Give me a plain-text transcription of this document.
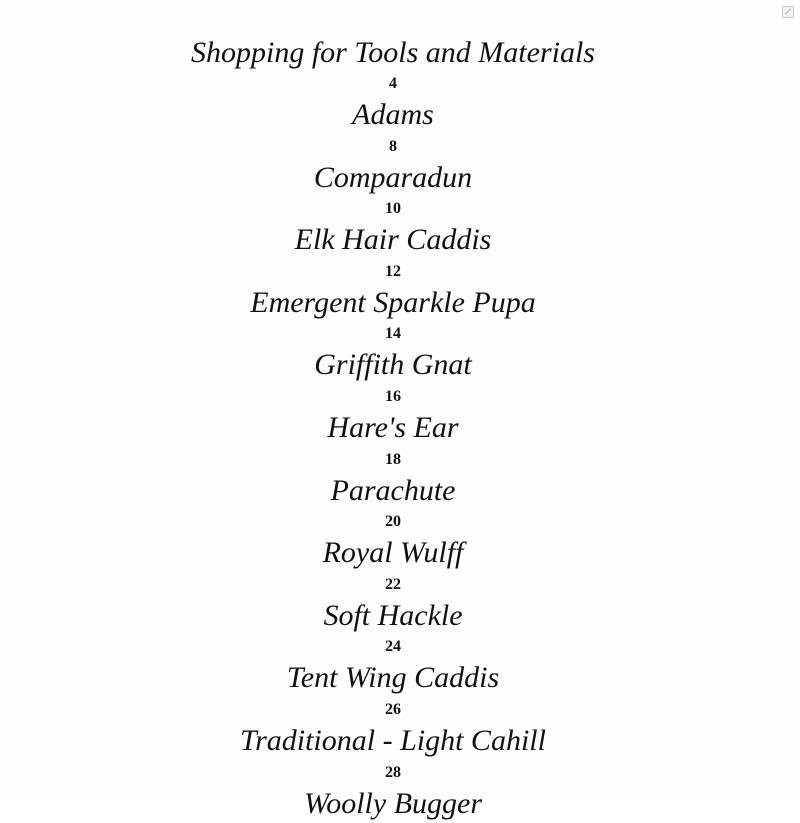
Shopping for Tools and Materials
4
Adams
8
Comparadun
10
Elk Hair Caddis
12
Emergent Sparkle Pupa
14
Griffith Gnat
16
Hare's Ear
18
Parachute
20
Royal Wulff
22
Soft Hackle
24
Tent Wing Caddis
26
Traditional - Light Cahill
28
Woolly Bugger
